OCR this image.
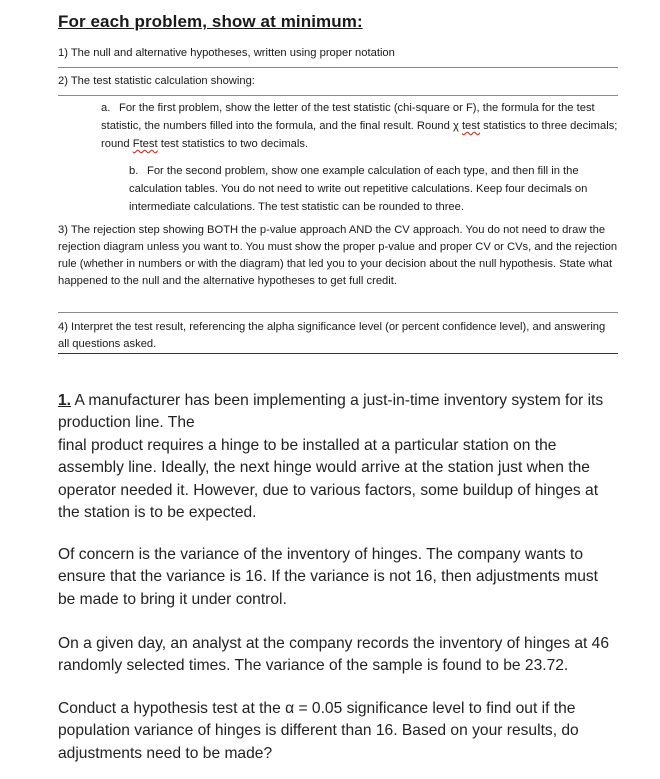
For each problem, show at minimum:
1) The null and alternative hypotheses, written using proper notation
2) The test statistic calculation showing:
a. For the first problem, show the letter of the test statistic (chi-square or F), the formula for the test statistic, the numbers filled into the formula, and the final result. Round χ test statistics to three decimals; round Ftest test statistics to two decimals.
b. For the second problem, show one example calculation of each type, and then fill in the calculation tables. You do not need to write out repetitive calculations. Keep four decimals on intermediate calculations. The test statistic can be rounded to three.
3) The rejection step showing BOTH the p-value approach AND the CV approach. You do not need to draw the rejection diagram unless you want to. You must show the proper p-value and proper CV or CVs, and the rejection rule (whether in numbers or with the diagram) that led you to your decision about the null hypothesis. State what happened to the null and the alternative hypotheses to get full credit.
4) Interpret the test result, referencing the alpha significance level (or percent confidence level), and answering all questions asked.
1. A manufacturer has been implementing a just-in-time inventory system for its production line. The
final product requires a hinge to be installed at a particular station on the assembly line. Ideally, the next hinge would arrive at the station just when the operator needed it. However, due to various factors, some buildup of hinges at the station is to be expected.
Of concern is the variance of the inventory of hinges. The company wants to ensure that the variance is 16. If the variance is not 16, then adjustments must be made to bring it under control.
On a given day, an analyst at the company records the inventory of hinges at 46 randomly selected times. The variance of the sample is found to be 23.72.
Conduct a hypothesis test at the α = 0.05 significance level to find out if the population variance of hinges is different than 16. Based on your results, do adjustments need to be made?
